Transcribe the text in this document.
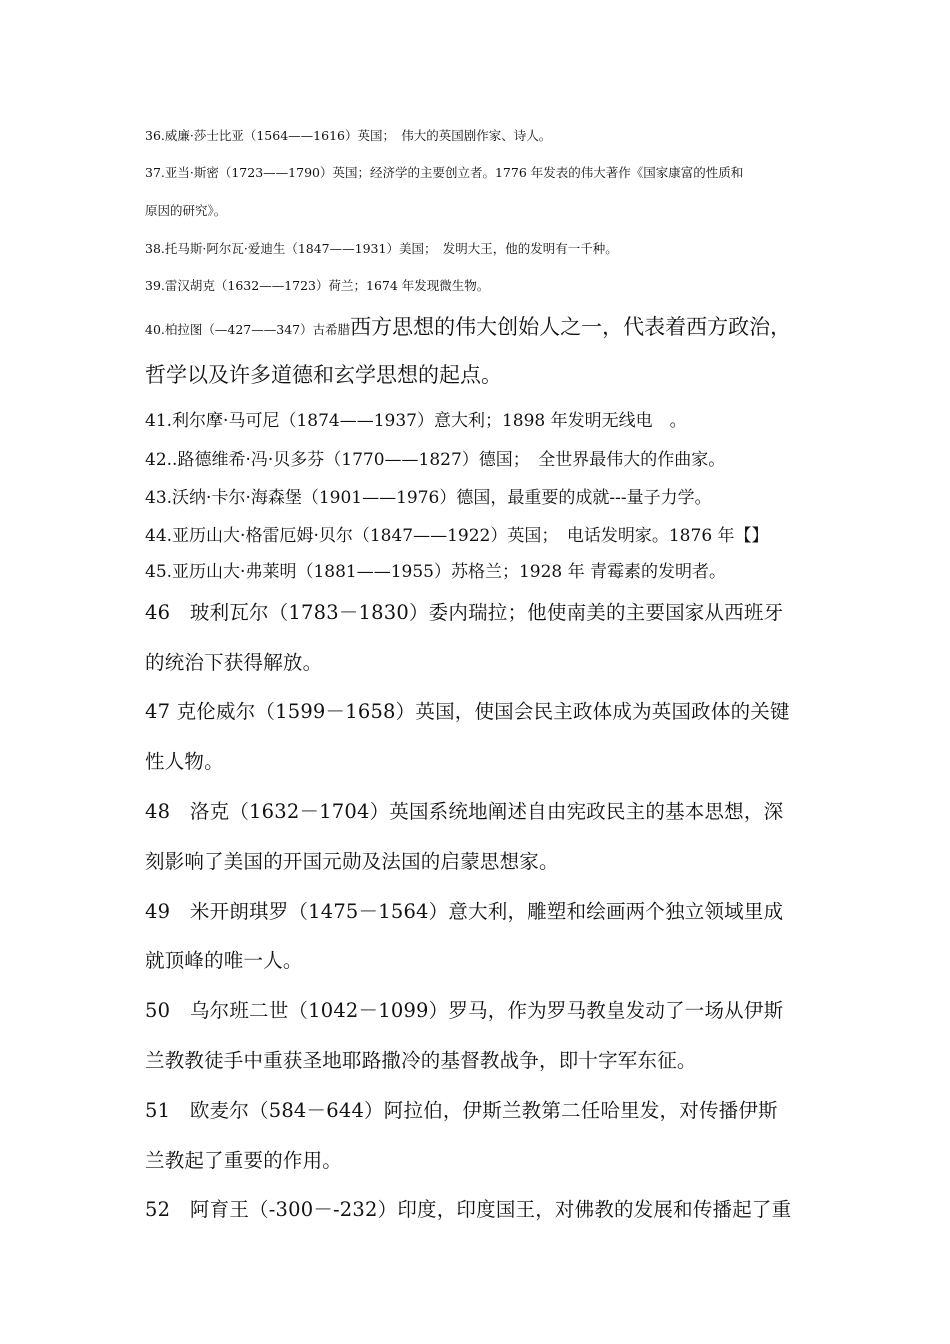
36.威廉·莎士比亚（1564——1616）英国；　伟大的英国剧作家、诗人。

37.亚当·斯密（1723——1790）英国；经济学的主要创立者。1776 年发表的伟大著作《国家康富的性质和

原因的研究》。

38.托马斯·阿尔瓦·爱迪生（1847——1931）美国；　发明大王，他的发明有一千种。

39.雷汉胡克（1632——1723）荷兰；1674 年发现微生物。

40.柏拉图（—427——347）古希腊西方思想的伟大创始人之一，代表着西方政治，

哲学以及许多道德和玄学思想的起点。

41.利尔摩·马可尼（1874——1937）意大利；1898 年发明无线电　。

42..路德维希·冯·贝多芬（1770——1827）德国；　全世界最伟大的作曲家。

43.沃纳·卡尔·海森堡（1901——1976）德国，最重要的成就---量子力学。

44.亚历山大·格雷厄姆·贝尔（1847——1922）英国；　电话发明家。1876 年【】

45.亚历山大·弗莱明（1881——1955）苏格兰；1928 年 青霉素的发明者。

46　玻利瓦尔（1783－1830）委内瑞拉；他使南美的主要国家从西班牙

的统治下获得解放。

47 克伦威尔（1599－1658）英国，使国会民主政体成为英国政体的关键

性人物。

48　洛克（1632－1704）英国系统地阐述自由宪政民主的基本思想，深

刻影响了美国的开国元勋及法国的启蒙思想家。

49　米开朗琪罗（1475－1564）意大利，雕塑和绘画两个独立领域里成

就顶峰的唯一人。

50　乌尔班二世（1042－1099）罗马，作为罗马教皇发动了一场从伊斯

兰教教徒手中重获圣地耶路撒冷的基督教战争，即十字军东征。

51　欧麦尔（584－644）阿拉伯，伊斯兰教第二任哈里发，对传播伊斯

兰教起了重要的作用。

52　阿育王（-300－-232）印度，印度国王，对佛教的发展和传播起了重
